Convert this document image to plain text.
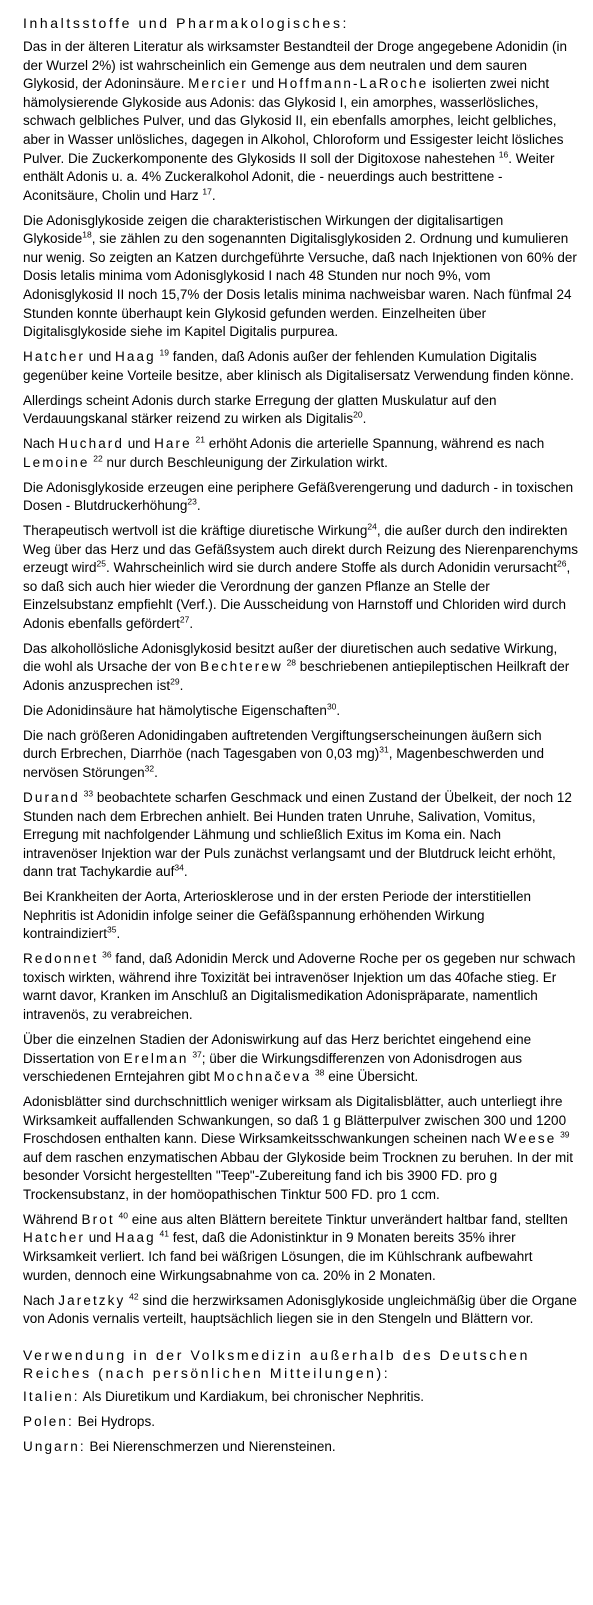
Inhaltsstoffe und Pharmakologisches:

Das in der älteren Literatur als wirksamster Bestandteil der Droge angegebene Adonidin (in der Wurzel 2%) ist wahrscheinlich ein Gemenge aus dem neutralen und dem sauren Glykosid, der Adoninsäure. Mercier und Hoffmann-LaRoche isolierten zwei nicht hämolysierende Glykoside aus Adonis: das Glykosid I, ein amorphes, wasserlösliches, schwach gelbliches Pulver, und das Glykosid II, ein ebenfalls amorphes, leicht gelbliches, aber in Wasser unlösliches, dagegen in Alkohol, Chloroform und Essigester leicht lösliches Pulver. Die Zuckerkomponente des Glykosids II soll der Digitoxose nahestehen $^{16}$. Weiter enthält Adonis u. a. 4% Zuckeralkohol Adonit, die - neuerdings auch bestrittene - Aconitsäure, Cholin und Harz $^{17}$.

Die Adonisglykoside zeigen die charakteristischen Wirkungen der digitalisartigen Glykoside$^{18}$, sie zählen zu den sogenannten Digitalisglykosiden 2. Ordnung und kumulieren nur wenig. So zeigten an Katzen durchgeführte Versuche, daß nach Injektionen von 60% der Dosis letalis minima vom Adonisglykosid I nach 48 Stunden nur noch 9%, vom Adonisglykosid II noch 15,7% der Dosis letalis minima nachweisbar waren. Nach fünfmal 24 Stunden konnte überhaupt kein Glykosid gefunden werden. Einzelheiten über Digitalisglykoside siehe im Kapitel Digitalis purpurea.

Hatcher und Haag $^{19}$ fanden, daß Adonis außer der fehlenden Kumulation Digitalis gegenüber keine Vorteile besitze, aber klinisch als Digitalisersatz Verwendung finden könne.

Allerdings scheint Adonis durch starke Erregung der glatten Muskulatur auf den Verdauungskanal stärker reizend zu wirken als Digitalis$^{20}$.

Nach Huchard und Hare $^{21}$ erhöht Adonis die arterielle Spannung, während es nach Lemoine $^{22}$ nur durch Beschleunigung der Zirkulation wirkt.

Die Adonisglykoside erzeugen eine periphere Gefäßverengerung und dadurch - in toxischen Dosen - Blutdruckerhöhung$^{23}$.

Therapeutisch wertvoll ist die kräftige diuretische Wirkung$^{24}$, die außer durch den indirekten Weg über das Herz und das Gefäßsystem auch direkt durch Reizung des Nierenparenchyms erzeugt wird$^{25}$. Wahrscheinlich wird sie durch andere Stoffe als durch Adonidin verursacht$^{26}$, so daß sich auch hier wieder die Verordnung der ganzen Pflanze an Stelle der Einzelsubstanz empfiehlt (Verf.). Die Ausscheidung von Harnstoff und Chloriden wird durch Adonis ebenfalls gefördert$^{27}$.

Das alkohollösliche Adonisglykosid besitzt außer der diuretischen auch sedative Wirkung, die wohl als Ursache der von Bechterew $^{28}$ beschriebenen antiepileptischen Heilkraft der Adonis anzusprechen ist$^{29}$.

Die Adonidinsäure hat hämolytische Eigenschaften$^{30}$.

Die nach größeren Adonidingaben auftretenden Vergiftungserscheinungen äußern sich durch Erbrechen, Diarrhöe (nach Tagesgaben von 0,03 mg)$^{31}$, Magenbeschwerden und nervösen Störungen$^{32}$.

Durand $^{33}$ beobachtete scharfen Geschmack und einen Zustand der Übelkeit, der noch 12 Stunden nach dem Erbrechen anhielt. Bei Hunden traten Unruhe, Salivation, Vomitus, Erregung mit nachfolgender Lähmung und schließlich Exitus im Koma ein. Nach intravenöser Injektion war der Puls zunächst verlangsamt und der Blutdruck leicht erhöht, dann trat Tachykardie auf$^{34}$.

Bei Krankheiten der Aorta, Arteriosklerose und in der ersten Periode der interstitiellen Nephritis ist Adonidin infolge seiner die Gefäßspannung erhöhenden Wirkung kontraindiziert$^{35}$.

Redonnet $^{36}$ fand, daß Adonidin Merck und Adoverne Roche per os gegeben nur schwach toxisch wirkten, während ihre Toxizität bei intravenöser Injektion um das 40fache stieg. Er warnt davor, Kranken im Anschluß an Digitalismedikation Adonispräparate, namentlich intravenös, zu verabreichen.

Über die einzelnen Stadien der Adoniswirkung auf das Herz berichtet eingehend eine Dissertation von Erelman $^{37}$; über die Wirkungsdifferenzen von Adonisdrogen aus verschiedenen Erntejahren gibt Mochnačeva $^{38}$ eine Übersicht.

Adonisblätter sind durchschnittlich weniger wirksam als Digitalisblätter, auch unterliegt ihre Wirksamkeit auffallenden Schwankungen, so daß 1 g Blätterpulver zwischen 300 und 1200 Froschdosen enthalten kann. Diese Wirksamkeitsschwankungen scheinen nach Weese $^{39}$ auf dem raschen enzymatischen Abbau der Glykoside beim Trocknen zu beruhen. In der mit besonder Vorsicht hergestellten "Teep"-Zubereitung fand ich bis 3900 FD. pro g Trockensubstanz, in der homöopathischen Tinktur 500 FD. pro 1 ccm.

Während Brot $^{40}$ eine aus alten Blättern bereitete Tinktur unverändert haltbar fand, stellten Hatcher und Haag $^{41}$ fest, daß die Adonistinktur in 9 Monaten bereits 35% ihrer Wirksamkeit verliert. Ich fand bei wäßrigen Lösungen, die im Kühlschrank aufbewahrt wurden, dennoch eine Wirkungsabnahme von ca. 20% in 2 Monaten.

Nach Jaretzky $^{42}$ sind die herzwirksamen Adonisglykoside ungleichmäßig über die Organe von Adonis vernalis verteilt, hauptsächlich liegen sie in den Stengeln und Blättern vor.

Verwendung in der Volksmedizin außerhalb des Deutschen Reiches (nach persönlichen Mitteilungen):

Italien: Als Diuretikum und Kardiakum, bei chronischer Nephritis.

Polen: Bei Hydrops.

Ungarn: Bei Nierenschmerzen und Nierensteinen.
